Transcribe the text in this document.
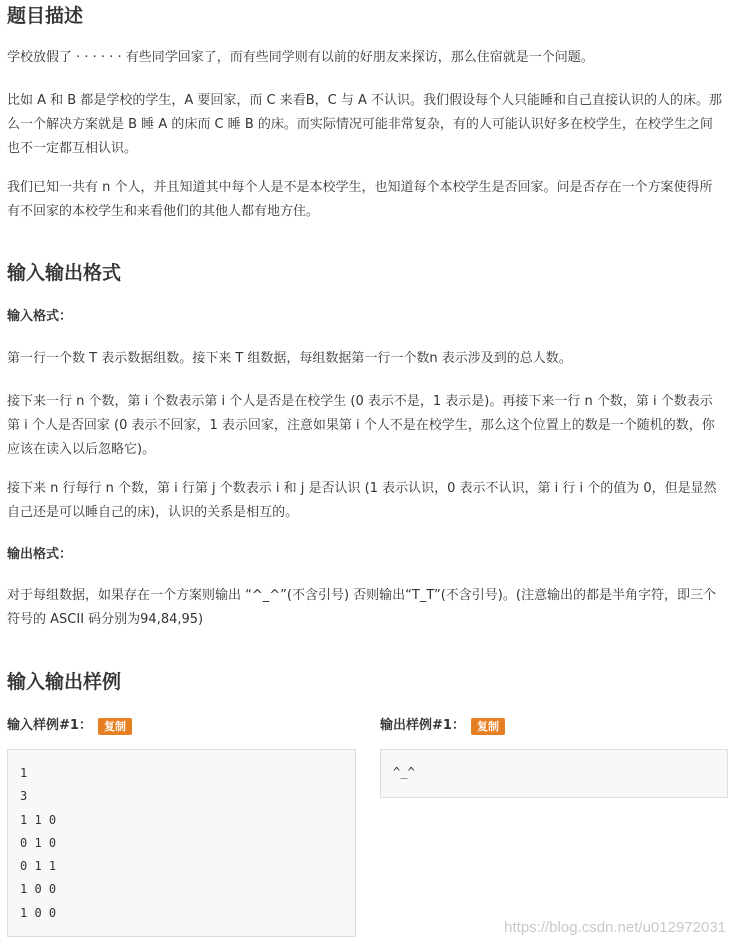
题目描述

学校放假了 · · · · · · 有些同学回家了，而有些同学则有以前的好朋友来探访，那么住宿就是一个问题。

比如 A 和 B 都是学校的学生，A 要回家，而 C 来看B，C 与 A 不认识。我们假设每个人只能睡和自己直接认识的人的床。那么一个解决方案就是 B 睡 A 的床而 C 睡 B 的床。而实际情况可能非常复杂，有的人可能认识好多在校学生，在校学生之间也不一定都互相认识。

我们已知一共有 n 个人，并且知道其中每个人是不是本校学生，也知道每个本校学生是否回家。问是否存在一个方案使得所有不回家的本校学生和来看他们的其他人都有地方住。

输入输出格式
输入格式：

第一行一个数 T 表示数据组数。接下来 T 组数据，每组数据第一行一个数n 表示涉及到的总人数。

接下来一行 n 个数，第 i 个数表示第 i 个人是否是在校学生 (0 表示不是，1 表示是)。再接下来一行 n 个数，第 i 个数表示第 i 个人是否回家 (0 表示不回家，1 表示回家，注意如果第 i 个人不是在校学生，那么这个位置上的数是一个随机的数，你应该在读入以后忽略它)。

接下来 n 行每行 n 个数，第 i 行第 j 个数表示 i 和 j 是否认识 (1 表示认识，0 表示不认识，第 i 行 i 个的值为 0，但是显然自己还是可以睡自己的床)，认识的关系是相互的。

输出格式：

对于每组数据，如果存在一个方案则输出 “^_^”(不含引号) 否则输出“T_T”(不含引号)。(注意输出的都是半角字符，即三个符号的 ASCII 码分别为94,84,95)

输入输出样例
输入样例#1：	复制	输出样例#1：	复制
1
3
1 1 0
0 1 0
0 1 1
1 0 0
1 0 0
^_^
https://blog.csdn.net/u012972031
